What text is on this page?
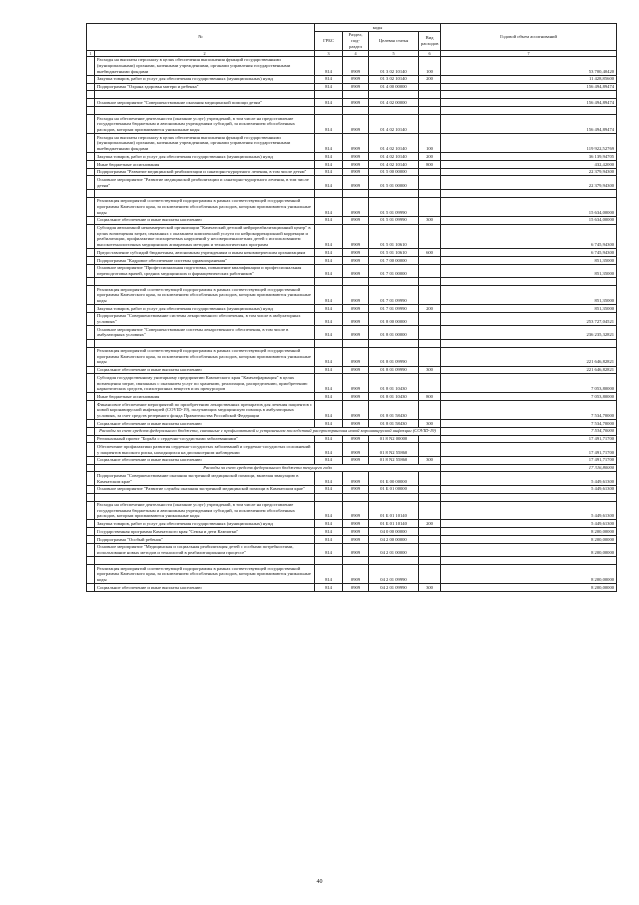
№		коды				Годовой объем ассигнований
		ГРБС	Раздел, под-раздел	Целевая статья	Вид расходов	
1	2	3	4	5	6	7
	Расходы на выплаты персоналу в целях обеспечения выполнения функций государственными (муниципальными) органами, казенными учреждениями, органами управления государственными внебюджетными фондами	814	0909	01 3 02 10140	100	53 700,40420
	Закупка товаров, работ и услуг для обеспечения государственных (муниципальных) нужд	814	0909	01 3 02 10140	200	11 428,85600
	Подпрограмма "Охрана здоровья матери и ребенка"	814	0909	01 4 00 00000		156 494,89474

	Основное мероприятие "Совершенствование оказания медицинской помощи детям"	814	0909	01 4 02 00000		156 494,89474

	Расходы на обеспечение деятельности (оказание услуг) учреждений, в том числе на предоставление государственным бюджетным и автономным учреждениям субсидий, за исключением обособленных расходов, которым присваиваются уникальные коды	814	0909	01 4 02 10140		156 494,89474
	Расходы на выплаты персоналу в целях обеспечения выполнения функций государственными (муниципальными) органами, казенными учреждениями, органами управления государственными внебюджетными фондами	814	0909	01 4 02 10140	100	119 922,52769
	Закупка товаров, работ и услуг для обеспечения государственных (муниципальных) нужд	814	0909	01 4 02 10140	200	36 139,94705
	Иные бюджетные ассигнования	814	0909	01 4 02 10140	800	432,42000
	Подпрограмма "Развитие медицинской реабилитации и санаторно-курортного лечения, в том числе детям"	814	0909	01 5 00 00000		22 379,94300
	Основное мероприятие "Развитие медицинской реабилитации и санаторно-курортного лечения, в том числе детям"	814	0909	01 5 01 00000		22 379,94300

	Реализация мероприятий соответствующей подпрограммы в рамках соответствующей государственной программы Камчатского края, за исключением обособленных расходов, которым присваиваются уникальные коды	814	0909	01 5 01 09990		15 634,00000
	Социальное обеспечение и иные выплаты населению	814	0909	01 5 01 09990	300	15 634,00000
	Субсидия автономной некоммерческой организации "Камчатский детский нейрореабилитационный центр" в целях возмещения затрат, связанных с оказанием комплексной услуги по нейрокоррекционной коррекции и реабилитации, профилактике психоречевых нарушений у несовершеннолетних детей с использованием высокотехнологичных медицинских аппаратных методик и технологических программ	814	0909	01 5 01 10610		6 745,94300
	Предоставление субсидий бюджетным, автономным учреждениям и иным некоммерческим организациям	814	0909	01 5 01 10610	600	6 745,94300
	Подпрограмма "Кадровое обеспечение системы здравоохранения"	814	0909	01 7 00 00000		851,35000
	Основное мероприятие "Профессиональная подготовка, повышение квалификации и профессиональная переподготовка врачей, средних медицинских и фармацевтических работников"	814	0909	01 7 01 00000		851,35000

	Реализация мероприятий соответствующей подпрограммы в рамках соответствующей государственной программы Камчатского края, за исключением обособленных расходов, которым присваиваются уникальные коды	814	0909	01 7 01 09990		851,35000
	Закупка товаров, работ и услуг для обеспечения государственных (муниципальных) нужд	814	0909	01 7 01 09990	200	851,35000
	Подпрограмма "Совершенствование системы лекарственного обеспечения, в том числе в амбулаторных условиях"	814	0909	01 8 00 00000		253 727,04521
	Основное мероприятие "Совершенствование системы лекарственного обеспечения, в том числе в амбулаторных условиях"	814	0909	01 8 01 00000		236 235,32821

	Реализация мероприятий соответствующей подпрограммы в рамках соответствующей государственной программы Камчатского края, за исключением обособленных расходов, которым присваиваются уникальные коды	814	0909	01 8 01 09990		221 646,82821
	Социальное обеспечение и иные выплаты населению	814	0909	01 8 01 09990	300	221 646,82821
	Субсидия государственному унитарному предприятию Камчатского края "Камчатфармация" в целях возмещения затрат, связанных с оказанием услуг по хранению, реализации, распределению, приобретению наркотических средств, психотропных веществ и их прекурсоров	814	0909	01 8 01 10430		7 053,80000
	Иные бюджетные ассигнования	814	0909	01 8 01 10430	800	7 053,80000
	Финансовое обеспечение мероприятий по приобретению лекарственных препаратов для лечения пациентов с новой коронавирусной инфекцией (COVID-19), получающих медицинскую помощь в амбулаторных условиях, за счет средств резервного фонда Правительства Российской Федерации	814	0909	01 8 01 58430		7 534,70000
	Социальное обеспечение и иные выплаты населению	814	0909	01 8 01 58430	300	7 534,70000
	Расходы за счет средств федерального бюджета, связанные с профилактикой и устранением последствий распространения новой коронавирусной инфекции (COVID-19)					7 534,70000
	Региональный проект "Борьба с сердечно-сосудистыми заболеваниями"	814	0909	01 8 N2 00000		17 491,71700
	Обеспечение профилактики развития сердечно-сосудистых заболеваний и сердечно-сосудистых осложнений у пациентов высокого риска, находящихся на диспансерном наблюдении	814	0909	01 8 N2 55860		17 491,71700
	Социальное обеспечение и иные выплаты населению	814	0909	01 8 N2 55860	300	17 491,71700
	Расходы за счет средств федерального бюджета текущего года					17 316,80000
	Подпрограмма "Совершенствование оказания экстренной медицинской помощи, включая эвакуацию в Камчатском крае"	814	0909	01 Б 00 00000		5 449,61300
	Основное мероприятие "Развитие службы оказания экстренной медицинской помощи в Камчатском крае"	814	0909	01 Б 01 00000		5 449,61300

	Расходы на обеспечение деятельности (оказание услуг) учреждений, в том числе на предоставление государственным бюджетным и автономным учреждениям субсидий, за исключением обособленных расходов, которым присваиваются уникальные коды	814	0909	01 Б 01 10140		5 449,61300
	Закупка товаров, работ и услуг для обеспечения государственных (муниципальных) нужд	814	0909	01 Б 01 10140	200	5 449,61300
	Государственная программа Камчатского края "Семья и дети Камчатки"	814	0909	04 0 00 00000		8 200,00000
	Подпрограмма "Особый ребенок"	814	0909	04 2 00 00000		8 200,00000
	Основное мероприятие "Медицинская и социальная реабилитация детей с особыми потребностями, использование новых методов и технологий в реабилитационном процессе"	814	0909	04 2 01 00000		8 200,00000

	Реализация мероприятий соответствующей подпрограммы в рамках соответствующей государственной программы Камчатского края, за исключением обособленных расходов, которым присваиваются уникальные коды	814	0909	04 2 01 09990		8 200,00000
	Социальное обеспечение и иные выплаты населению	814	0909	04 2 01 09990	300	8 200,00000
40
